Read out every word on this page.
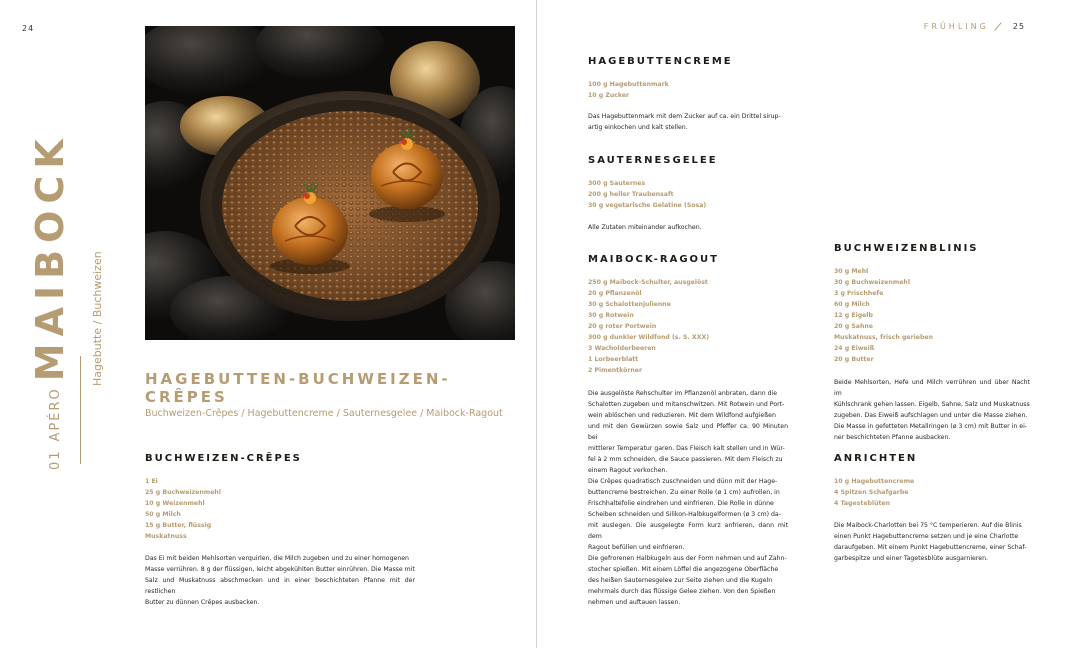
24
01APÉROMAIBOCK	Hagebutte / Buchweizen	HAGEBUTTEN-BUCHWEIZEN-
CRÊPES
Buchweizen-Crêpes / Hagebuttencreme / Sauternesgelee / Maibock-Ragout
BUCHWEIZEN-CRÊPES
1 Ei
25 g Buchweizenmehl
10 g Weizenmehl
50 g Milch
15 g Butter, flüssig
Muskatnuss
Das Ei mit beiden Mehlsorten verquirlen, die Milch zugeben und zu einer homogenen
Masse verrühren. 8 g der flüssigen, leicht abgekühlten Butter einrühren. Die Masse mit
Salz und Muskatnuss abschmecken und in einer beschichteten Pfanne mit der restlichen
Butter zu dünnen Crêpes ausbacken.
FRÜHLING	25
HAGEBUTTENCREME
100 g Hagebuttenmark
10 g Zucker
Das Hagebuttenmark mit dem Zucker auf ca. ein Drittel sirup-
artig einkochen und kalt stellen.
SAUTERNESGELEE
300 g Sauternes
200 g heller Traubensaft
30 g vegetarische Gelatine (Sosa)
Alle Zutaten miteinander aufkochen.
MAIBOCK-RAGOUT
250 g Maibock-Schulter, ausgelöst
20 g Pflanzenöl
30 g Schalottenjulienne
30 g Rotwein
20 g roter Portwein
300 g dunkler Wildfond (s. S. XXX)
3 Wacholderbeeren
1 Lorbeerblatt
2 Pimentkörner
Die ausgelöste Rehschulter im Pflanzenöl anbraten, dann die
Schalotten zugeben und mitanschwitzen. Mit Rotwein und Port-
wein ablöschen und reduzieren. Mit dem Wildfond aufgießen
und mit den Gewürzen sowie Salz und Pfeffer ca. 90 Minuten bei
mittlerer Temperatur garen. Das Fleisch kalt stellen und in Wür-
fel à 2 mm schneiden, die Sauce passieren. Mit dem Fleisch zu
einem Ragout verkochen.
Die Crêpes quadratisch zuschneiden und dünn mit der Hage-
buttencreme bestreichen. Zu einer Rolle (ø 1 cm) aufrollen, in
Frischhaltefolie eindrehen und einfrieren. Die Rolle in dünne
Scheiben schneiden und Silikon-Halbkugelformen (ø 3 cm) da-
mit auslegen. Die ausgelegte Form kurz anfrieren, dann mit dem
Ragout befüllen und einfrieren.
Die gefrorenen Halbkugeln aus der Form nehmen und auf Zahn-
stocher spießen. Mit einem Löffel die angezogene Oberfläche
des heißen Sauternesgelee zur Seite ziehen und die Kugeln
mehrmals durch das flüssige Gelee ziehen. Von den Spießen
nehmen und auftauen lassen.
BUCHWEIZENBLINIS
30 g Mehl
30 g Buchweizenmehl
3 g Frischhefe
60 g Milch
12 g Eigelb
20 g Sahne
Muskatnuss, frisch gerieben
24 g Eiweiß
20 g Butter
Beide Mehlsorten, Hefe und Milch verrühren und über Nacht im
Kühlschrank gehen lassen. Eigelb, Sahne, Salz und Muskatnuss
zugeben. Das Eiweiß aufschlagen und unter die Masse ziehen.
Die Masse in gefetteten Metallringen (ø 3 cm) mit Butter in ei-
ner beschichteten Pfanne ausbacken.
ANRICHTEN
10 g Hagebuttencreme
4 Spitzen Schafgarbe
4 Tagesteblüten
Die Maibock-Charlotten bei 75 °C temperieren. Auf die Blinis
einen Punkt Hagebuttencreme setzen und je eine Charlotte
daraufgeben. Mit einem Punkt Hagebuttencreme, einer Schaf-
garbespitze und einer Tagetesblüte ausgarnieren.
